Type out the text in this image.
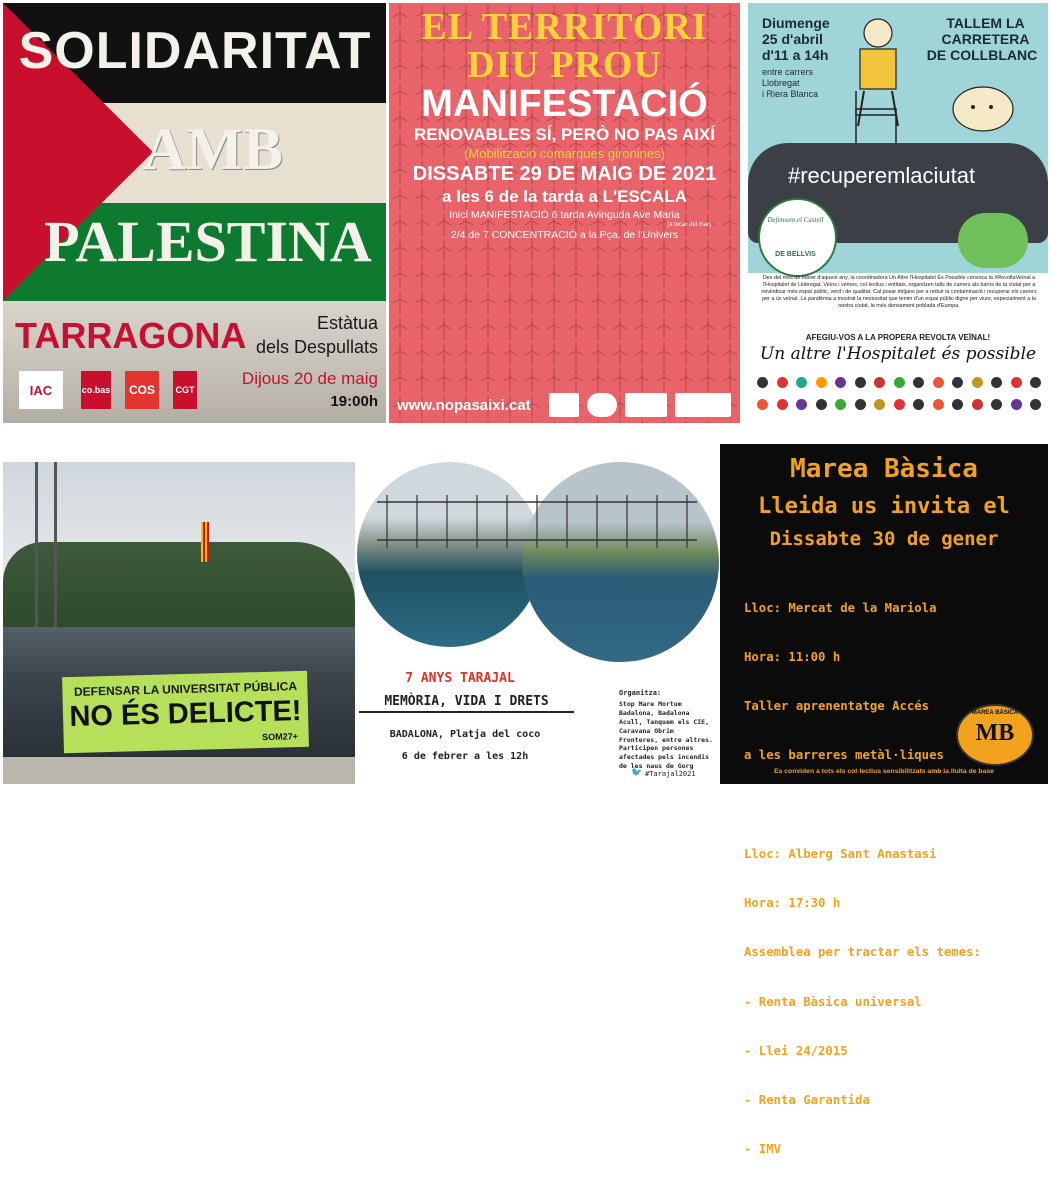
SOLIDARITAT
AMB
PALESTINA
TARRAGONA	Estàtua
dels Despullats
Dijous 20 de maig
19:00h
IAC	co.bas	COS	CGT
EL TERRITORI
DIU PROU
MANIFESTACIÓ
RENOVABLES SÍ, PERÒ NO PAS AIXÍ
(Mobilització comarques gironines)
DISSABTE 29 DE MAIG DE 2021
a les 6 de la tarda a L'ESCALA
Inici MANIFESTACIÓ 6 tarda Avinguda Ave Maria
(a tocar del mar)
2/4 de 7 CONCENTRACIÓ a la Pça. de l'Univers
www.nopasaixi.cat
Diumenge
25 d'abril
d'11 a 14h
entre carrers
Llobregat
i Riera Blanca
TALLEM LA
CARRETERA
DE COLLBLANC
#recuperemlaciutat
Defensem el Castell
DE BELLVIS
Des del mes de febrer d'aquest any, la coordinadora Un Altre l'Hospitalet És Possible convoca la #RevoltaVeïnal a l'Hospitalet de Llobregat. Veïns i veïnes, col·lectius i entitats, organitzen talls de carrers als barris de la ciutat per a reivindicar més espai públic, verd i de qualitat. Cal posar mitjans per a reduir la contaminació i recuperar els carrers per a ús veïnal. La pandèmia a mostrat la necessitat que tenim d'un espai públic digne per viure, especialment a la nostra ciutat, la més densament poblada d'Europa.
AFEGIU-VOS A LA PROPERA REVOLTA VEÏNAL!
Un altre l'Hospitalet és possible
DEFENSAR LA UNIVERSITAT PÚBLICA
NO ÉS DELICTE!
SOM27+
7 ANYS TARAJAL
MEMÒRIA, VIDA I DRETS
BADALONA, Platja del coco
6 de febrer a les 12h
Organitza:
Stop Mare Mortum Badalona, Badalona Acull, Tanquem els CIE, Caravana Obrim Fronteres, entre altres.
Participen persones afectades pels incendis de les naus de Gorg
🐦 #Tarajal2021
Marea Bàsica
Lleida us invita el
Dissabte 30 de gener

Lloc: Mercat de la Mariola

Hora: 11:00 h

Taller aprenentatge Accés

a les barreres metàl·liques

Lloc: Alberg Sant Anastasi

Hora: 17:30 h

Assemblea per tractar els temes:

- Renta Bàsica universal

- Llei 24/2015

- Renta Garantida

- IMV

MAREA BÀSICA
MB
Es conviden a tots els col·lectius sensibilitzats amb la lluita de base
